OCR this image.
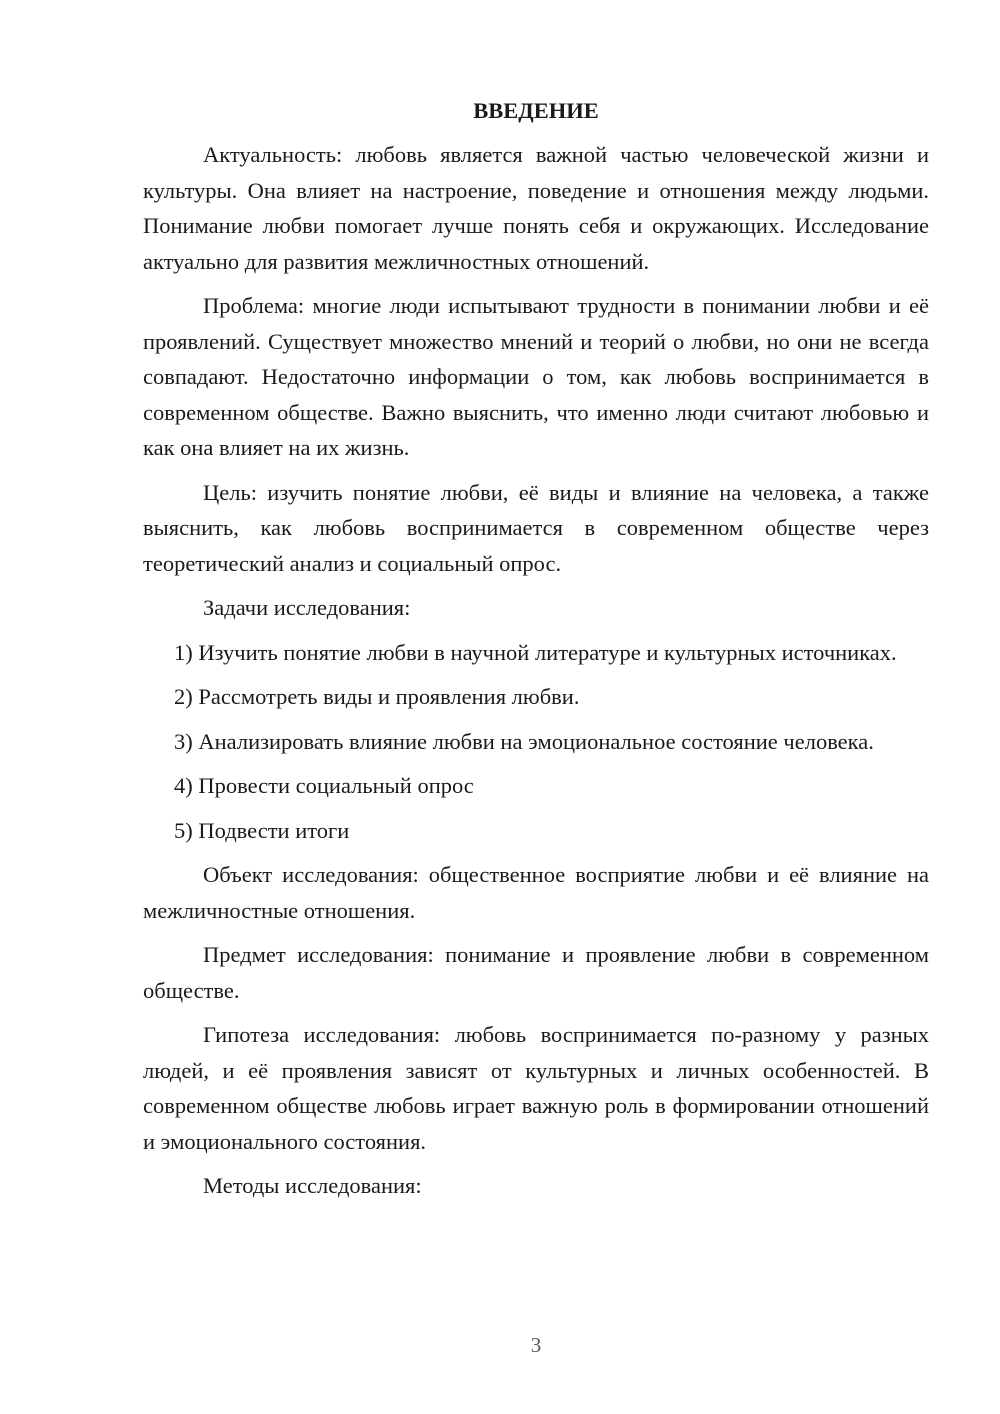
ВВЕДЕНИЕ

Актуальность: любовь является важной частью человеческой жизни и культуры. Она влияет на настроение, поведение и отношения между людьми. Понимание любви помогает лучше понять себя и окружающих. Исследование актуально для развития межличностных отношений.

Проблема: многие люди испытывают трудности в понимании любви и её проявлений. Существует множество мнений и теорий о любви, но они не всегда совпадают. Недостаточно информации о том, как любовь воспринимается в современном обществе. Важно выяснить, что именно люди считают любовью и как она влияет на их жизнь.

Цель: изучить понятие любви, её виды и влияние на человека, а также выяснить, как любовь воспринимается в современном обществе через теоретический анализ и социальный опрос.

Задачи исследования:

1) Изучить понятие любви в научной литературе и культурных источниках.

2) Рассмотреть виды и проявления любви.

3) Анализировать влияние любви на эмоциональное состояние человека.

4) Провести социальный опрос

5) Подвести итоги

Объект исследования: общественное восприятие любви и её влияние на межличностные отношения.

Предмет исследования: понимание и проявление любви в современном обществе.

Гипотеза исследования: любовь воспринимается по-разному у разных людей, и её проявления зависят от культурных и личных особенностей. В современном обществе любовь играет важную роль в формировании отношений и эмоционального состояния.

Методы исследования:

3
